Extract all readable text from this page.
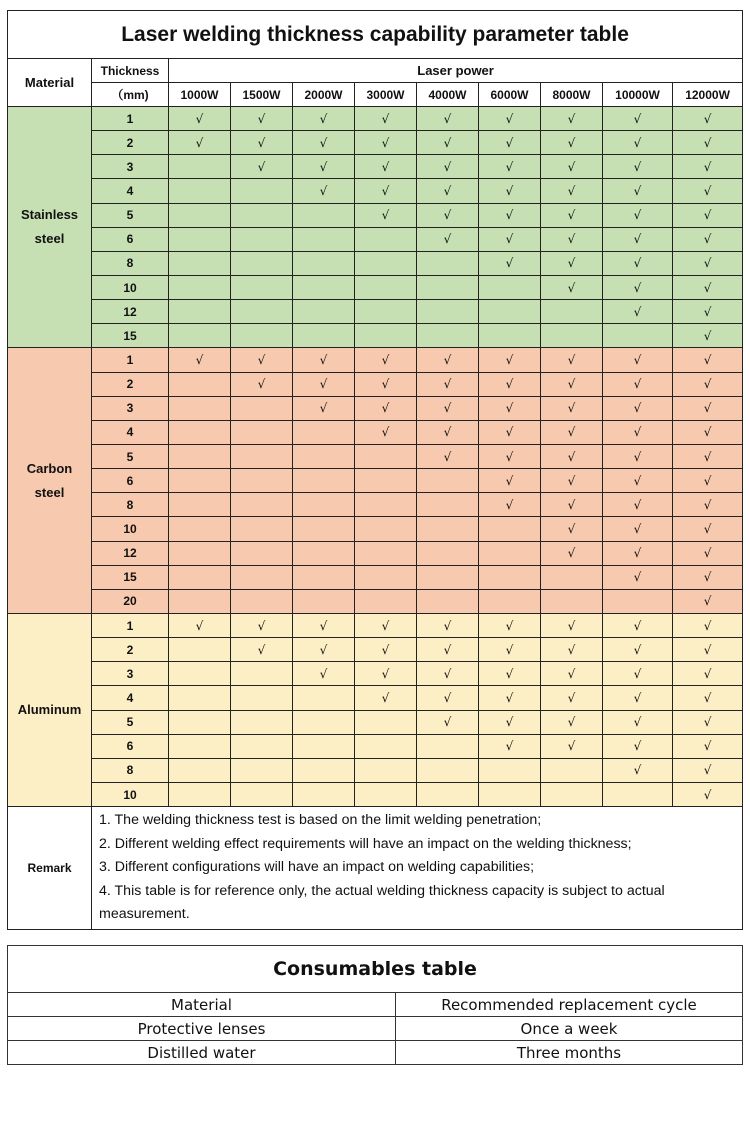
Laser welding thickness capability parameter table										
Material	Thickness	Laser power								
	（mm)	1000W	1500W	2000W	3000W	4000W	6000W	8000W	10000W	12000W

Stainless
steel	1	√	√	√	√	√	√	√	√	√
	2	√	√	√	√	√	√	√	√	√
	3		√	√	√	√	√	√	√	√
	4			√	√	√	√	√	√	√
	5				√	√	√	√	√	√
	6					√	√	√	√	√
	8						√	√	√	√
	10							√	√	√
	12								√	√
	15									√

Carbon
steel	1	√	√	√	√	√	√	√	√	√
	2		√	√	√	√	√	√	√	√
	3			√	√	√	√	√	√	√
	4				√	√	√	√	√	√
	5					√	√	√	√	√
	6						√	√	√	√
	8						√	√	√	√
	10							√	√	√
	12							√	√	√
	15								√	√
	20									√

Aluminum	1	√	√	√	√	√	√	√	√	√
	2		√	√	√	√	√	√	√	√
	3			√	√	√	√	√	√	√
	4				√	√	√	√	√	√
	5					√	√	√	√	√
	6						√	√	√	√
	8								√	√
	10									√
Remark	1. The welding thickness test is based on the limit welding penetration;
2. Different welding effect requirements will have an impact on the welding thickness;
3. Different configurations will have an impact on welding capabilities;
4. This table is for reference only, the actual welding thickness capacity is subject to actual
measurement.									
Consumables table	
Material	Recommended replacement cycle
Protective lenses	Once a week
Distilled water	Three months
